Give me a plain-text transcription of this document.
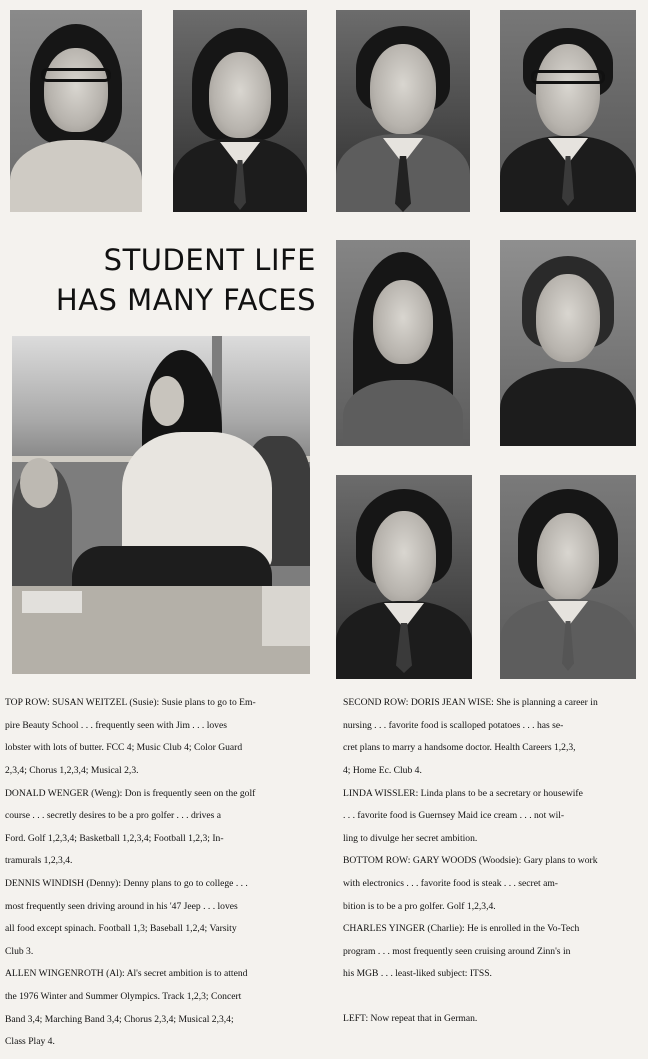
STUDENT LIFE
HAS MANY FACES

TOP ROW: SUSAN WEITZEL (Susie): Susie plans to go to Em-

pire Beauty School . . . frequently seen with Jim . . . loves

lobster with lots of butter. FCC 4; Music Club 4; Color Guard

2,3,4; Chorus 1,2,3,4; Musical 2,3.

DONALD WENGER (Weng): Don is frequently seen on the golf

course . . . secretly desires to be a pro golfer . . . drives a

Ford. Golf 1,2,3,4; Basketball 1,2,3,4; Football 1,2,3; In-

tramurals 1,2,3,4.

DENNIS WINDISH (Denny): Denny plans to go to college . . .

most frequently seen driving around in his '47 Jeep . . . loves

all food except spinach. Football 1,3; Baseball 1,2,4; Varsity

Club 3.

ALLEN WINGENROTH (Al): Al's secret ambition is to attend

the 1976 Winter and Summer Olympics. Track 1,2,3; Concert

Band 3,4; Marching Band 3,4; Chorus 2,3,4; Musical 2,3,4;

Class Play 4.

SECOND ROW: DORIS JEAN WISE: She is planning a career in

nursing . . . favorite food is scalloped potatoes . . . has se-

cret plans to marry a handsome doctor. Health Careers 1,2,3,

4; Home Ec. Club 4.

LINDA WISSLER: Linda plans to be a secretary or housewife

. . . favorite food is Guernsey Maid ice cream . . . not wil-

ling to divulge her secret ambition.

BOTTOM ROW: GARY WOODS (Woodsie): Gary plans to work

with electronics . . . favorite food is steak . . . secret am-

bition is to be a pro golfer. Golf 1,2,3,4.

CHARLES YINGER (Charlie): He is enrolled in the Vo-Tech

program . . . most frequently seen cruising around Zinn's in

his MGB . . . least-liked subject: ITSS.

LEFT: Now repeat that in German.
